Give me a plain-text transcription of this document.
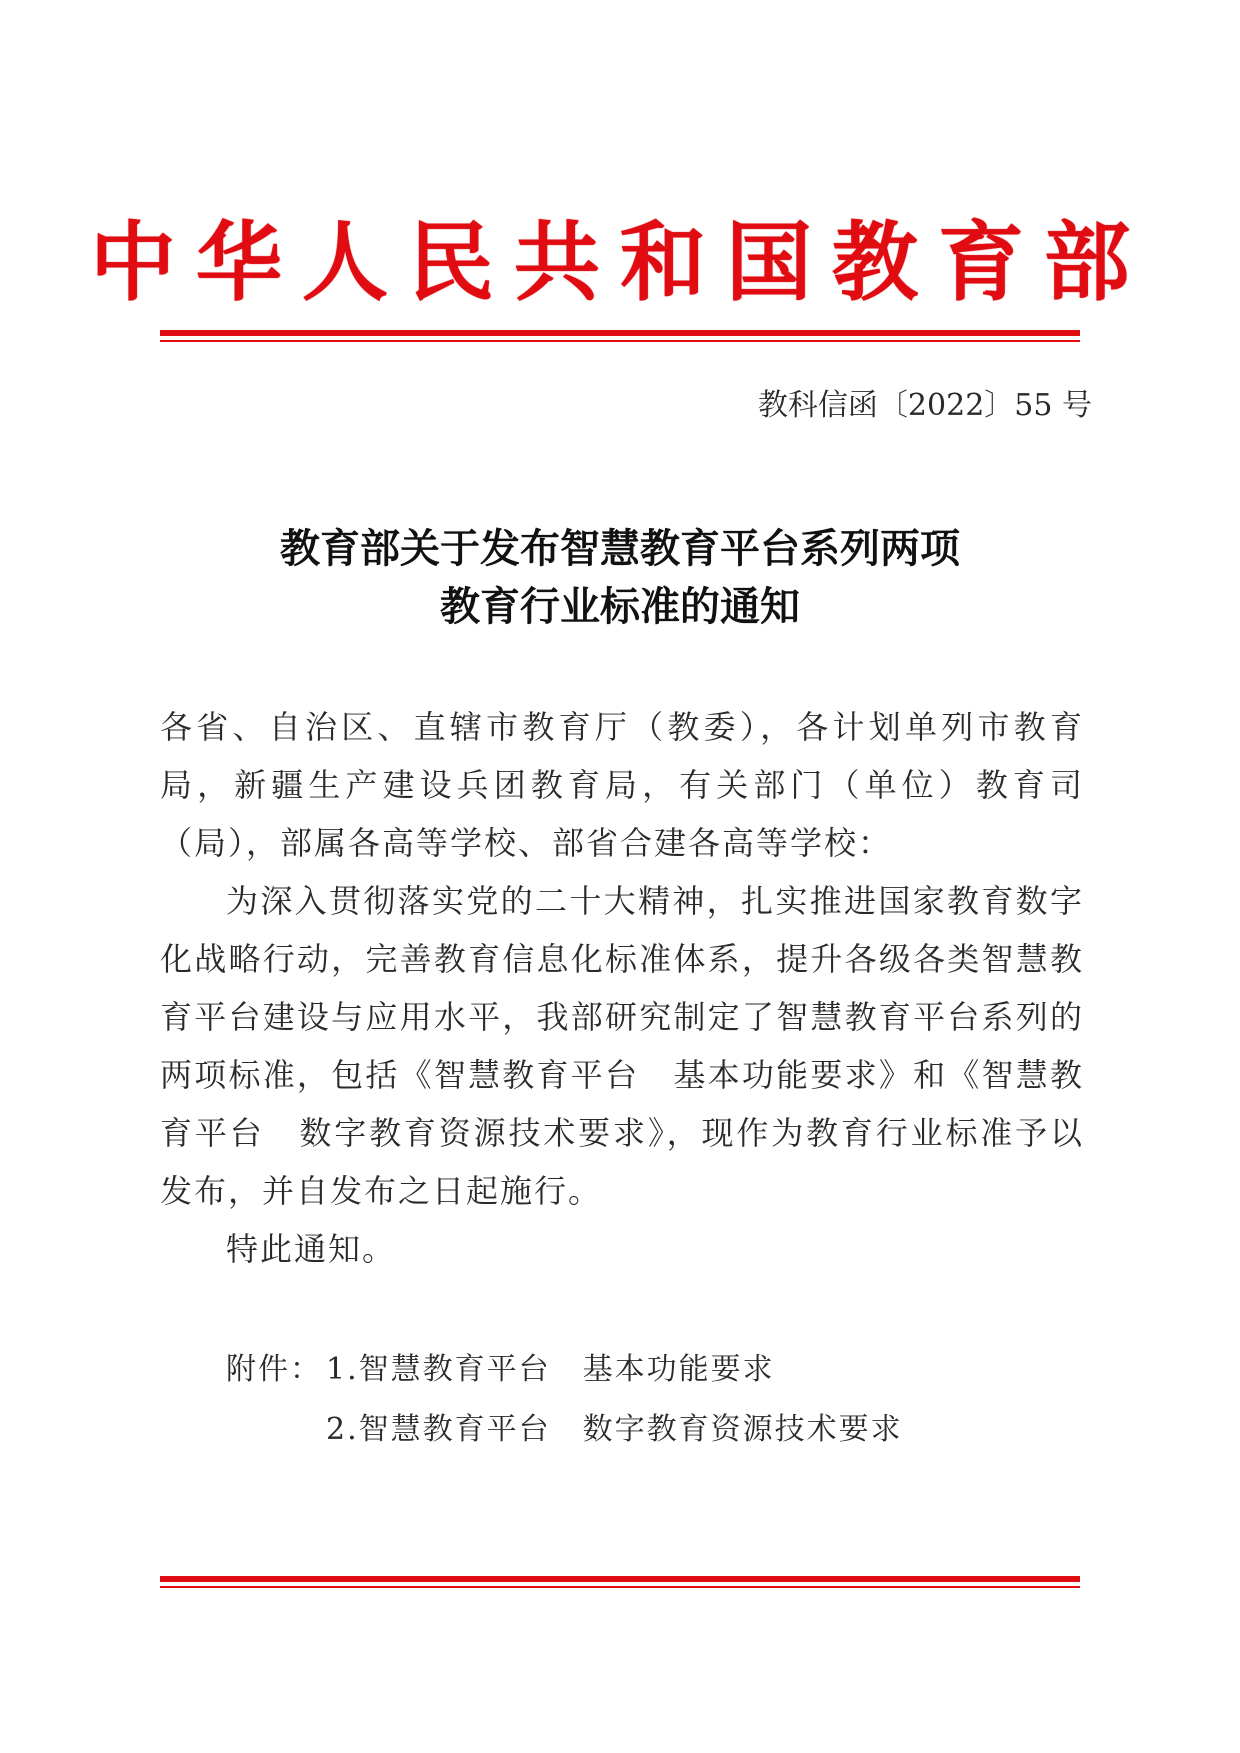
中华人民共和国教育部
教科信函〔2022〕55 号
教育部关于发布智慧教育平台系列两项
教育行业标准的通知

各省、自治区、直辖市教育厅（教委），各计划单列市教育局，新疆生产建设兵团教育局，有关部门（单位）教育司（局），部属各高等学校、部省合建各高等学校：

为深入贯彻落实党的二十大精神，扎实推进国家教育数字化战略行动，完善教育信息化标准体系，提升各级各类智慧教育平台建设与应用水平，我部研究制定了智慧教育平台系列的两项标准，包括《智慧教育平台　基本功能要求》和《智慧教育平台　数字教育资源技术要求》，现作为教育行业标准予以发布，并自发布之日起施行。

特此通知。

附件： 1.智慧教育平台　基本功能要求
2.智慧教育平台　数字教育资源技术要求
